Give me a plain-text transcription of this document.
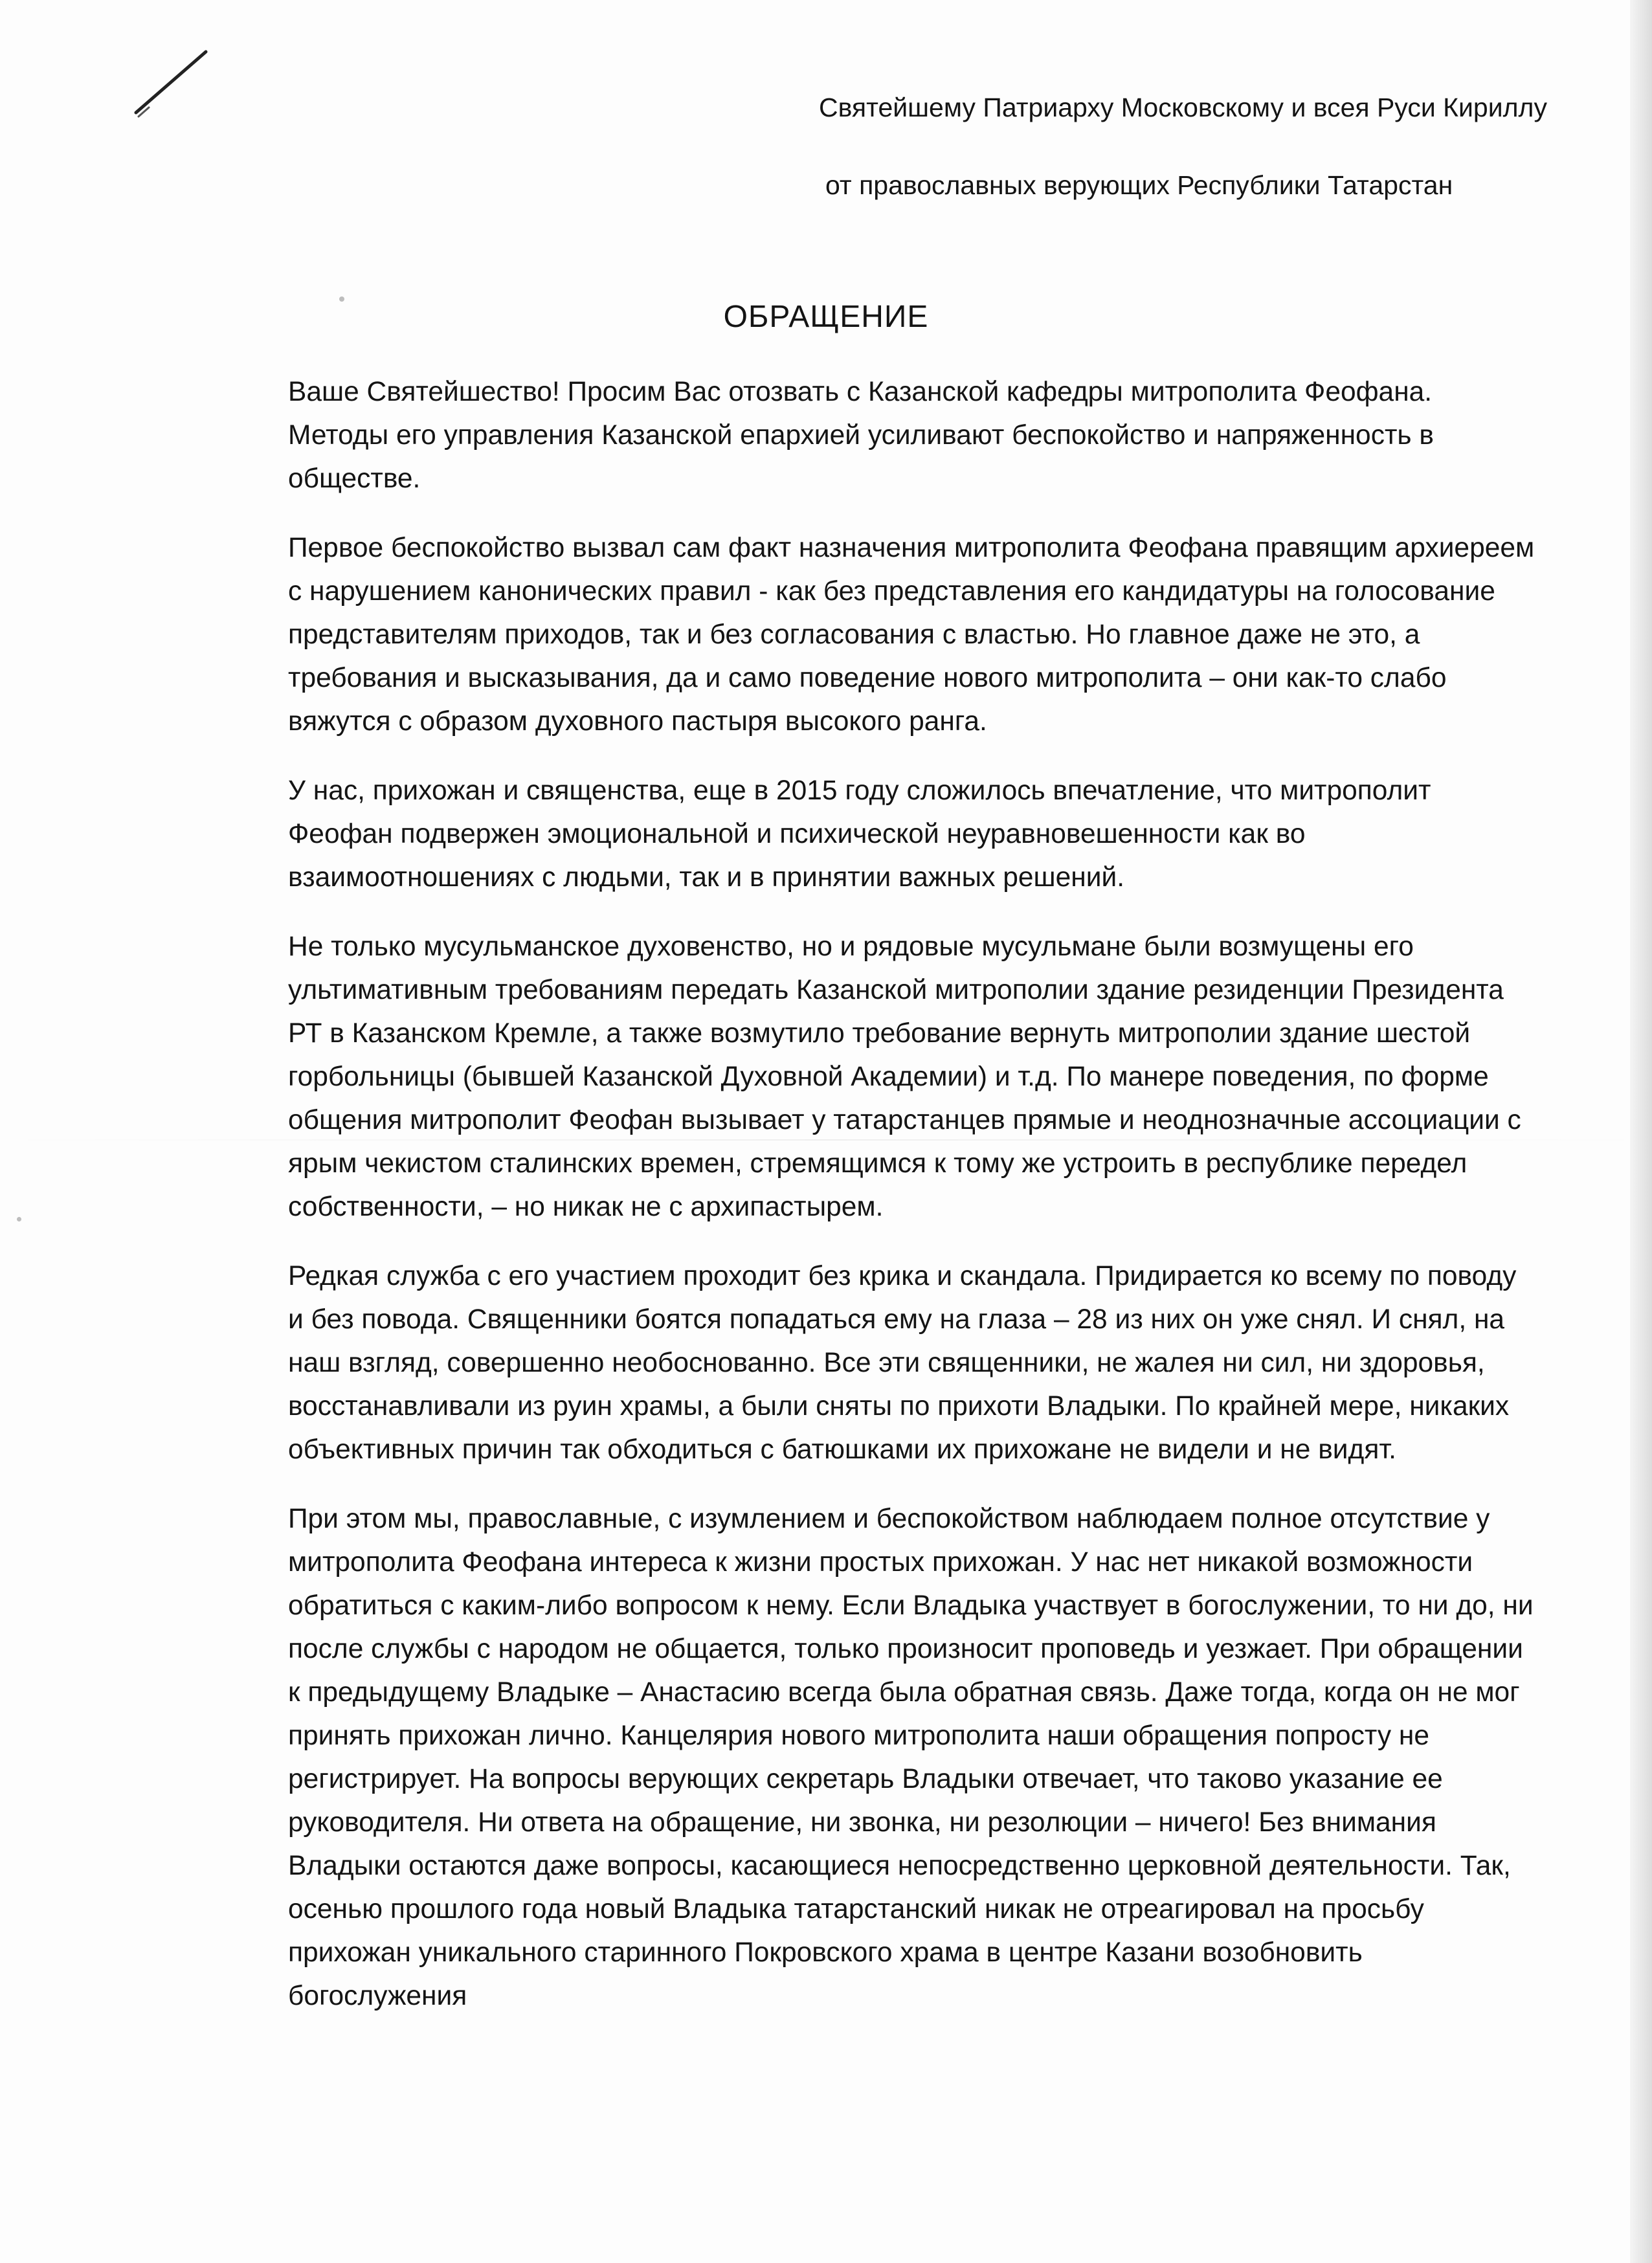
Святейшему Патриарху Московскому и всея Руси Кириллу
от православных верующих Республики Татарстан
ОБРАЩЕНИЕ

Ваше Святейшество! Просим Вас отозвать с Казанской кафедры митрополита Феофана. Методы его управления Казанской епархией усиливают беспокойство и напряженность в обществе.

Первое беспокойство вызвал сам факт назначения митрополита Феофана правящим архиереем с нарушением канонических правил - как без представления его кандидатуры на голосование представителям приходов, так и без согласования с властью. Но главное даже не это, а требования и высказывания, да и само поведение нового митрополита – они как-то слабо вяжутся с образом духовного пастыря высокого ранга.

У нас, прихожан и священства, еще в 2015 году сложилось впечатление, что митрополит Феофан подвержен эмоциональной и психической неуравновешенности как во взаимоотношениях с людьми, так и в принятии важных решений.

Не только мусульманское духовенство, но и рядовые мусульмане были возмущены его ультимативным требованиям передать Казанской митрополии здание резиденции Президента РТ в Казанском Кремле, а также возмутило требование вернуть митрополии здание шестой горбольницы (бывшей Казанской Духовной Академии) и т.д. По манере поведения, по форме общения митрополит Феофан вызывает у татарстанцев прямые и неоднозначные ассоциации с ярым чекистом сталинских времен, стремящимся к тому же устроить в республике передел собственности, – но никак не с архипастырем.

Редкая служба с его участием проходит без крика и скандала. Придирается ко всему по поводу и без повода. Священники боятся попадаться ему на глаза – 28 из них он уже снял. И снял, на наш взгляд, совершенно необоснованно. Все эти священники, не жалея ни сил, ни здоровья, восстанавливали из руин храмы, а были сняты по прихоти Владыки. По крайней мере, никаких объективных причин так обходиться с батюшками их прихожане не видели и не видят.

При этом мы, православные, с изумлением и беспокойством наблюдаем полное отсутствие у митрополита Феофана интереса к жизни простых прихожан. У нас нет никакой возможности обратиться с каким-либо вопросом к нему. Если Владыка участвует в богослужении, то ни до, ни после службы с народом не общается, только произносит проповедь и уезжает. При обращении к предыдущему Владыке – Анастасию всегда была обратная связь. Даже тогда, когда он не мог принять прихожан лично. Канцелярия нового митрополита наши обращения попросту не регистрирует. На вопросы верующих секретарь Владыки отвечает, что таково указание ее руководителя. Ни ответа на обращение, ни звонка, ни резолюции – ничего! Без внимания Владыки остаются даже вопросы, касающиеся непосредственно церковной деятельности. Так, осенью прошлого года новый Владыка татарстанский никак не отреагировал на просьбу прихожан уникального старинного Покровского храма в центре Казани возобновить богослужения
